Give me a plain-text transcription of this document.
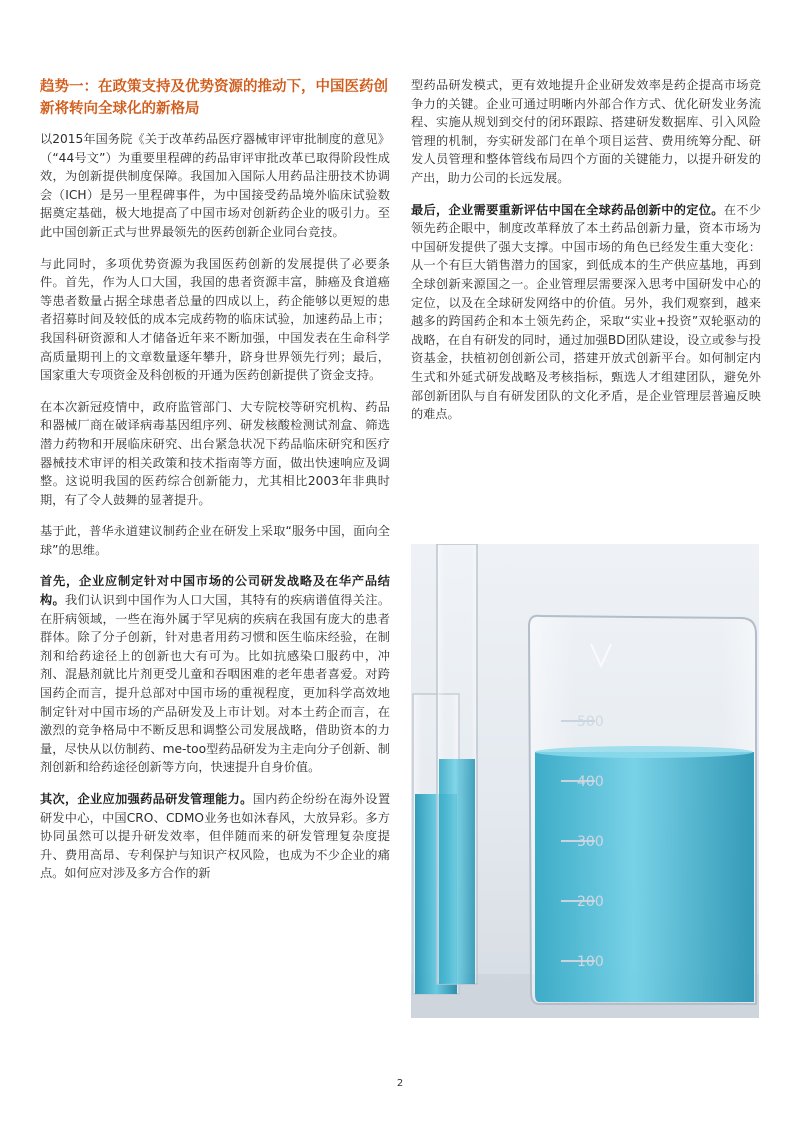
趋势一：在政策支持及优势资源的推动下，中国医药创新将转向全球化的新格局

以2015年国务院《关于改革药品医疗器械审评审批制度的意见》（“44号文”）为重要里程碑的药品审评审批改革已取得阶段性成效，为创新提供制度保障。我国加入国际人用药品注册技术协调会（ICH）是另一里程碑事件，为中国接受药品境外临床试验数据奠定基础，极大地提高了中国市场对创新药企业的吸引力。至此中国创新正式与世界最领先的医药创新企业同台竞技。

与此同时，多项优势资源为我国医药创新的发展提供了必要条件。首先，作为人口大国，我国的患者资源丰富，肺癌及食道癌等患者数量占据全球患者总量的四成以上，药企能够以更短的患者招募时间及较低的成本完成药物的临床试验，加速药品上市；我国科研资源和人才储备近年来不断加强，中国发表在生命科学高质量期刊上的文章数量逐年攀升，跻身世界领先行列；最后，国家重大专项资金及科创板的开通为医药创新提供了资金支持。

在本次新冠疫情中，政府监管部门、大专院校等研究机构、药品和器械厂商在破译病毒基因组序列、研发核酸检测试剂盒、筛选潜力药物和开展临床研究、出台紧急状况下药品临床研究和医疗器械技术审评的相关政策和技术指南等方面，做出快速响应及调整。这说明我国的医药综合创新能力，尤其相比2003年非典时期，有了令人鼓舞的显著提升。

基于此，普华永道建议制药企业在研发上采取“服务中国，面向全球”的思维。

首先，企业应制定针对中国市场的公司研发战略及在华产品结构。我们认识到中国作为人口大国，其特有的疾病谱值得关注。在肝病领域，一些在海外属于罕见病的疾病在我国有庞大的患者群体。除了分子创新，针对患者用药习惯和医生临床经验，在制剂和给药途径上的创新也大有可为。比如抗感染口服药中，冲剂、混悬剂就比片剂更受儿童和吞咽困难的老年患者喜爱。对跨国药企而言，提升总部对中国市场的重视程度，更加科学高效地制定针对中国市场的产品研发及上市计划。对本土药企而言，在激烈的竞争格局中不断反思和调整公司发展战略，借助资本的力量，尽快从以仿制药、me-too型药品研发为主走向分子创新、制剂创新和给药途径创新等方向，快速提升自身价值。

其次，企业应加强药品研发管理能力。国内药企纷纷在海外设置研发中心，中国CRO、CDMO业务也如沐春风，大放异彩。多方协同虽然可以提升研发效率，但伴随而来的研发管理复杂度提升、费用高昂、专利保护与知识产权风险，也成为不少企业的痛点。如何应对涉及多方合作的新

型药品研发模式，更有效地提升企业研发效率是药企提高市场竞争力的关键。企业可通过明晰内外部合作方式、优化研发业务流程、实施从规划到交付的闭环跟踪、搭建研发数据库、引入风险管理的机制，夯实研发部门在单个项目运营、费用统筹分配、研发人员管理和整体管线布局四个方面的关键能力，以提升研发的产出，助力公司的长远发展。

最后，企业需要重新评估中国在全球药品创新中的定位。在不少领先药企眼中，制度改革释放了本土药品创新力量，资本市场为中国研发提供了强大支撑。中国市场的角色已经发生重大变化：从一个有巨大销售潜力的国家，到低成本的生产供应基地，再到全球创新来源国之一。企业管理层需要深入思考中国研发中心的定位，以及在全球研发网络中的价值。另外，我们观察到，越来越多的跨国药企和本土领先药企，采取“实业+投资”双轮驱动的战略，在自有研发的同时，通过加强BD团队建设，设立或参与投资基金，扶植初创创新公司，搭建开放式创新平台。如何制定内生式和外延式研发战略及考核指标，甄选人才组建团队，避免外部创新团队与自有研发团队的文化矛盾，是企业管理层普遍反映的难点。

500
400
300
200
100
2
